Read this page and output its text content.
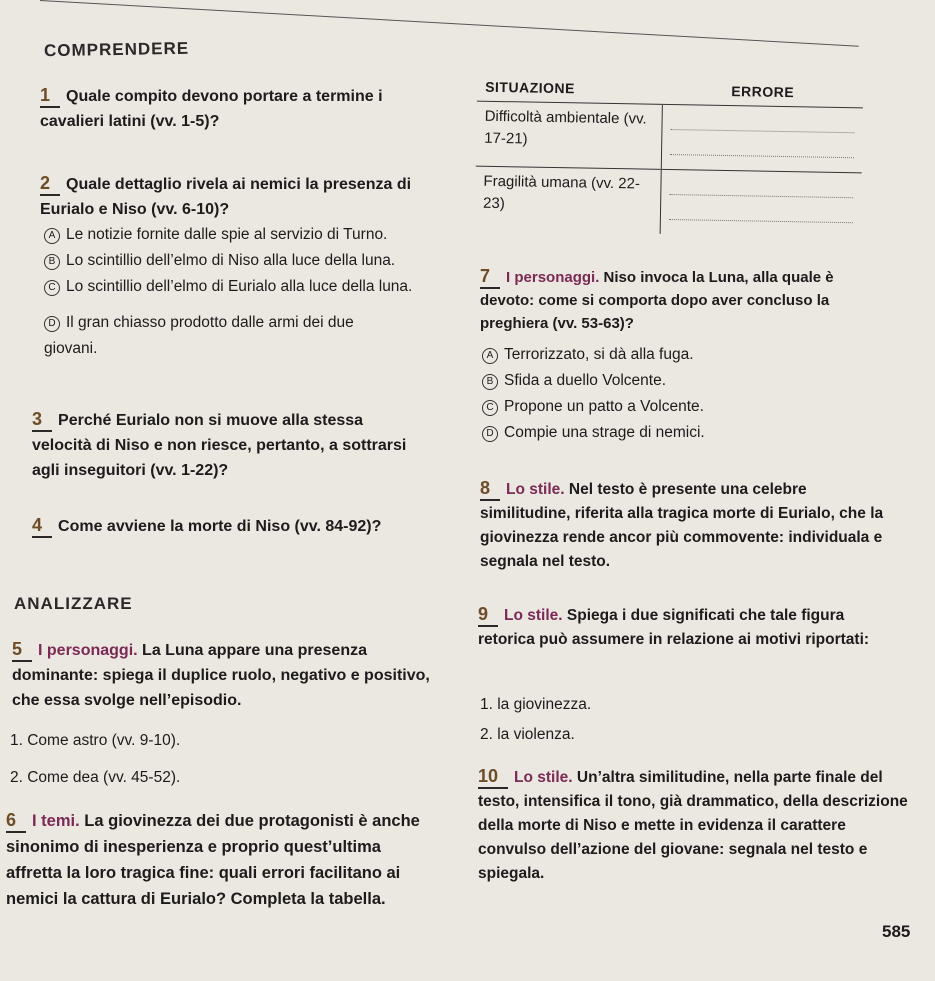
COMPRENDERE
1 Quale compito devono portare a termine i cavalieri latini (vv. 1-5)?
2 Quale dettaglio rivela ai nemici la presenza di Eurialo e Niso (vv. 6-10)?
A Le notizie fornite dalle spie al servizio di Turno.
B Lo scintillio dell’elmo di Niso alla luce della luna.
C Lo scintillio dell’elmo di Eurialo alla luce della luna.
D Il gran chiasso prodotto dalle armi dei due giovani.
3 Perché Eurialo non si muove alla stessa velocità di Niso e non riesce, pertanto, a sottrarsi agli inseguitori (vv. 1-22)?
4 Come avviene la morte di Niso (vv. 84-92)?
ANALIZZARE
5 I personaggi. La Luna appare una presenza dominante: spiega il duplice ruolo, negativo e positivo, che essa svolge nell’episodio.
1. Come astro (vv. 9-10).
2. Come dea (vv. 45-52).
6 I temi. La giovinezza dei due protagonisti è anche sinonimo di inesperienza e proprio quest’ultima affretta la loro tragica fine: quali errori facilitano ai nemici la cattura di Eurialo? Completa la tabella.
SITUAZIONE	ERRORE
Difficoltà ambientale (vv. 17-21)	

Fragilità umana (vv. 22-23)	
7 I personaggi. Niso invoca la Luna, alla quale è devoto: come si comporta dopo aver concluso la preghiera (vv. 53-63)?
A Terrorizzato, si dà alla fuga.
B Sfida a duello Volcente.
C Propone un patto a Volcente.
D Compie una strage di nemici.
8 Lo stile. Nel testo è presente una celebre similitudine, riferita alla tragica morte di Eurialo, che la giovinezza rende ancor più commovente: individuala e segnala nel testo.
9 Lo stile. Spiega i due significati che tale figura retorica può assumere in relazione ai motivi riportati:
1. la giovinezza.
2. la violenza.
10 Lo stile. Un’altra similitudine, nella parte finale del testo, intensifica il tono, già drammatico, della descrizione della morte di Niso e mette in evidenza il carattere convulso dell’azione del giovane: segnala nel testo e spiegala.
585
